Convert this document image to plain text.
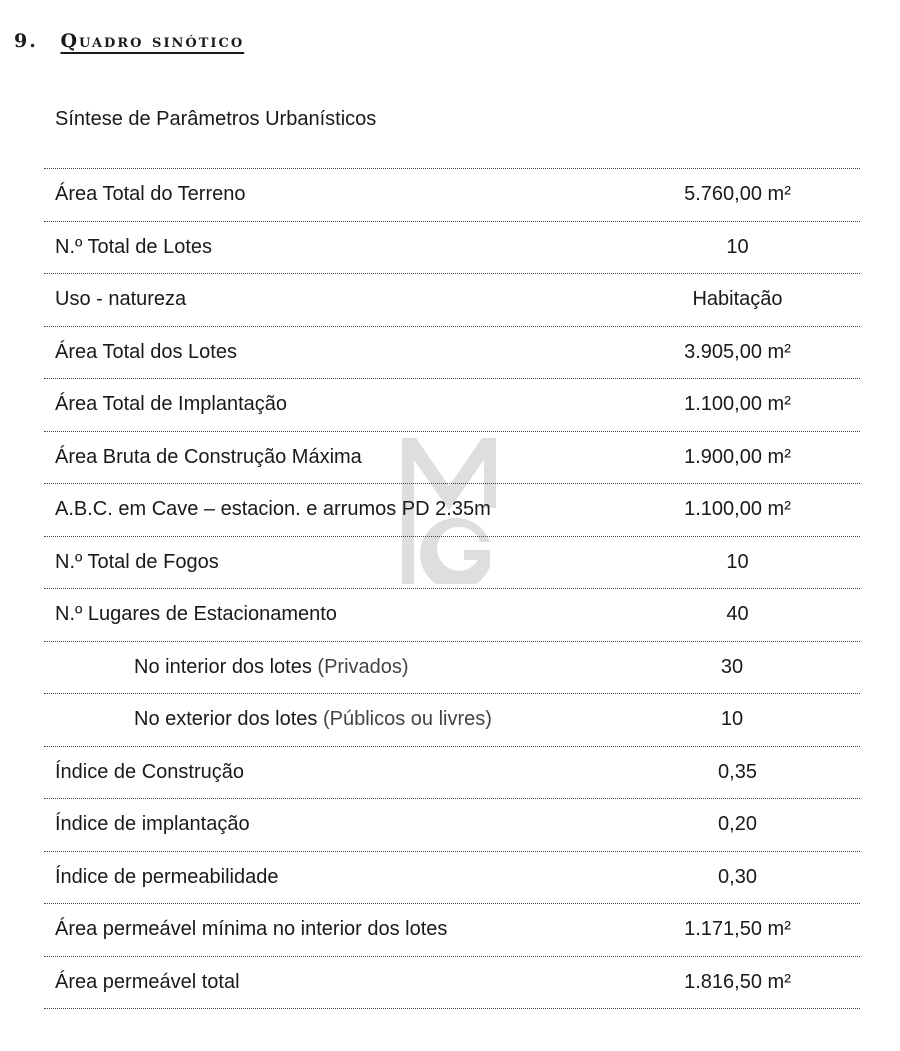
9. Quadro sinótico
Síntese de Parâmetros Urbanísticos
Área Total do Terreno	5.760,00 m²
N.º Total de Lotes	10
Uso - natureza	Habitação
Área Total dos Lotes	3.905,00 m²
Área Total de Implantação	1.100,00 m²
Área Bruta de Construção Máxima	1.900,00 m²
A.B.C. em Cave – estacion. e arrumos PD 2.35m	1.100,00 m²
N.º Total de Fogos	10
N.º Lugares de Estacionamento	40
No interior dos lotes (Privados)	30
No exterior dos lotes (Públicos ou livres)	10
Índice de Construção	0,35
Índice de implantação	0,20
Índice de permeabilidade	0,30
Área permeável mínima no interior dos lotes	1.171,50 m²
Área permeável total	1.816,50 m²
